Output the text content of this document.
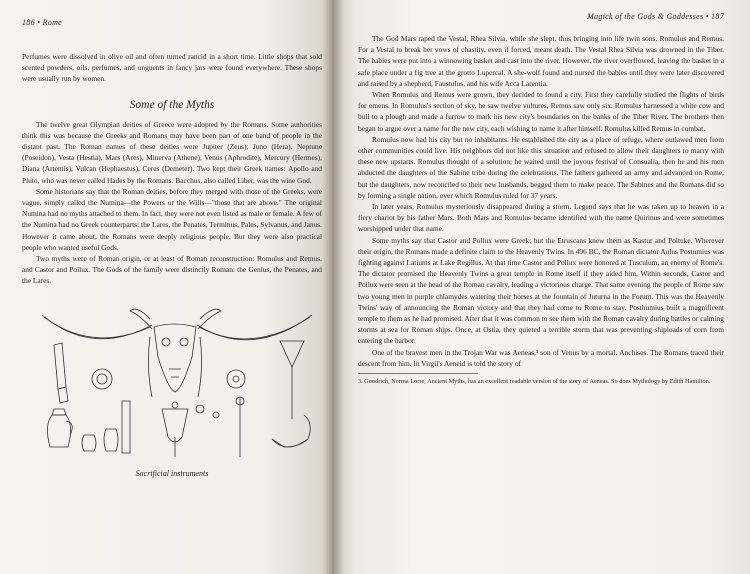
186 • Rome

Perfumes were dissolved in olive oil and often turned rancid in a short time. Little shops that sold scented powders, oils, perfumes, and unguents in fancy jars were found everywhere. These shops were usually run by women.

Some of the Myths

The twelve great Olympian deities of Greece were adopted by the Romans. Some authorities think this was because the Greeks and Romans may have been part of one band of people in the distant past. The Roman names of these deities were Jupiter (Zeus), Juno (Hera), Neptune (Poseidon), Vesta (Hestia), Mars (Ares), Minerva (Athene), Venus (Aphrodite), Mercury (Hermes), Diana (Artemis), Vulcan (Hephaestus), Ceres (Demeter). Two kept their Greek names: Apollo and Pluto, who was never called Hades by the Romans. Bacchus, also called Liber, was the wine God.

Some historians say that the Roman deities, before they merged with those of the Greeks, were vague, simply called the Numina—the Powers or the Wills—"those that are above." The original Numina had no myths attached to them. In fact, they were not even listed as male or female. A few of the Numina had no Greek counterparts: the Lares, the Penates, Terminus, Pales, Sylvanus, and Janus. However it came about, the Romans were deeply religious people. But they were also practical people who wanted useful Gods.

Two myths were of Roman origin, or at least of Roman reconstruction: Romulus and Remus, and Castor and Pollux. The Gods of the family were distinctly Roman: the Genius, the Penates, and the Lares.

Sacrificial instruments
Magick of the Gods & Goddesses • 187

The God Mars raped the Vestal, Rhea Silvia, while she slept, thus bringing into life twin sons, Romulus and Remus. For a Vestal to break her vows of chastity, even if forced, meant death. The Vestal Rhea Silvia was drowned in the Tiber. The babies were put into a winnowing basket and cast into the river. However, the river overflowed, leaving the basket in a safe place under a fig tree at the grotto Lupercal. A she-wolf found and nursed the babies until they were later discovered and raised by a shepherd, Faustulus, and his wife Acca Larentia.

When Romulus and Remus were grown, they decided to found a city. First they carefully studied the flights of birds for omens. In Romulus's section of sky, he saw twelve vultures, Remus saw only six. Romulus harnessed a white cow and bull to a plough and made a furrow to mark his new city's boundaries on the banks of the Tiber River. The brothers then began to argue over a name for the new city, each wishing to name it after himself. Romulus killed Remus in combat.

Romulus now had his city but no inhabitants. He established the city as a place of refuge, where outlawed men from other communities could live. His neighbors did not like this situation and refused to allow their daughters to marry with these new upstarts. Romulus thought of a solution; he waited until the joyous festival of Consualia, then he and his men abducted the daughters of the Sabine tribe during the celebrations. The fathers gathered an army and advanced on Rome, but the daughters, now reconciled to their new husbands, begged them to make peace. The Sabines and the Romans did so by forming a single nation, over which Romulus ruled for 37 years.

In later years, Romulus mysteriously disappeared during a storm. Legend says that he was taken up to heaven in a fiery chariot by his father Mars. Both Mars and Romulus became identified with the name Quirinus and were sometimes worshipped under that name.

Some myths say that Castor and Pollux were Greek; but the Etruscans knew them as Kastur and Poltuke. Wherever their origin, the Romans made a definite claim to the Heavenly Twins. In 496 BC, the Roman dictator Aulus Postumius was fighting against Latiums at Lake Regillus. At that time Castor and Pollux were honored at Tusculum, an enemy of Rome's. The dictator promised the Heavenly Twins a great temple in Rome itself if they aided him. Within seconds, Castor and Pollux were seen at the head of the Roman cavalry, leading a victorious charge. That same evening the people of Rome saw two young men in purple chlamydes watering their horses at the fountain of Juturna in the Forum. This was the Heavenly Twins' way of announcing the Roman victory and that they had come to Rome to stay. Posthumius built a magnificent temple to them as he had promised. After that it was common to see them with the Roman cavalry during battles or calming storms at sea for Roman ships. Once, at Ostia, they quieted a terrible storm that was preventing shiploads of corn from entering the harbor.

One of the bravest men in the Trojan War was Aeneas,³ son of Venus by a mortal, Anchises. The Romans traced their descent from him. In Virgil's Aeneid is told the story of

3. Goodrich, Norma Lorre, Ancient Myths, has an excellent readable version of the story of Aeneas. So does Mythology by Edith Hamilton.
